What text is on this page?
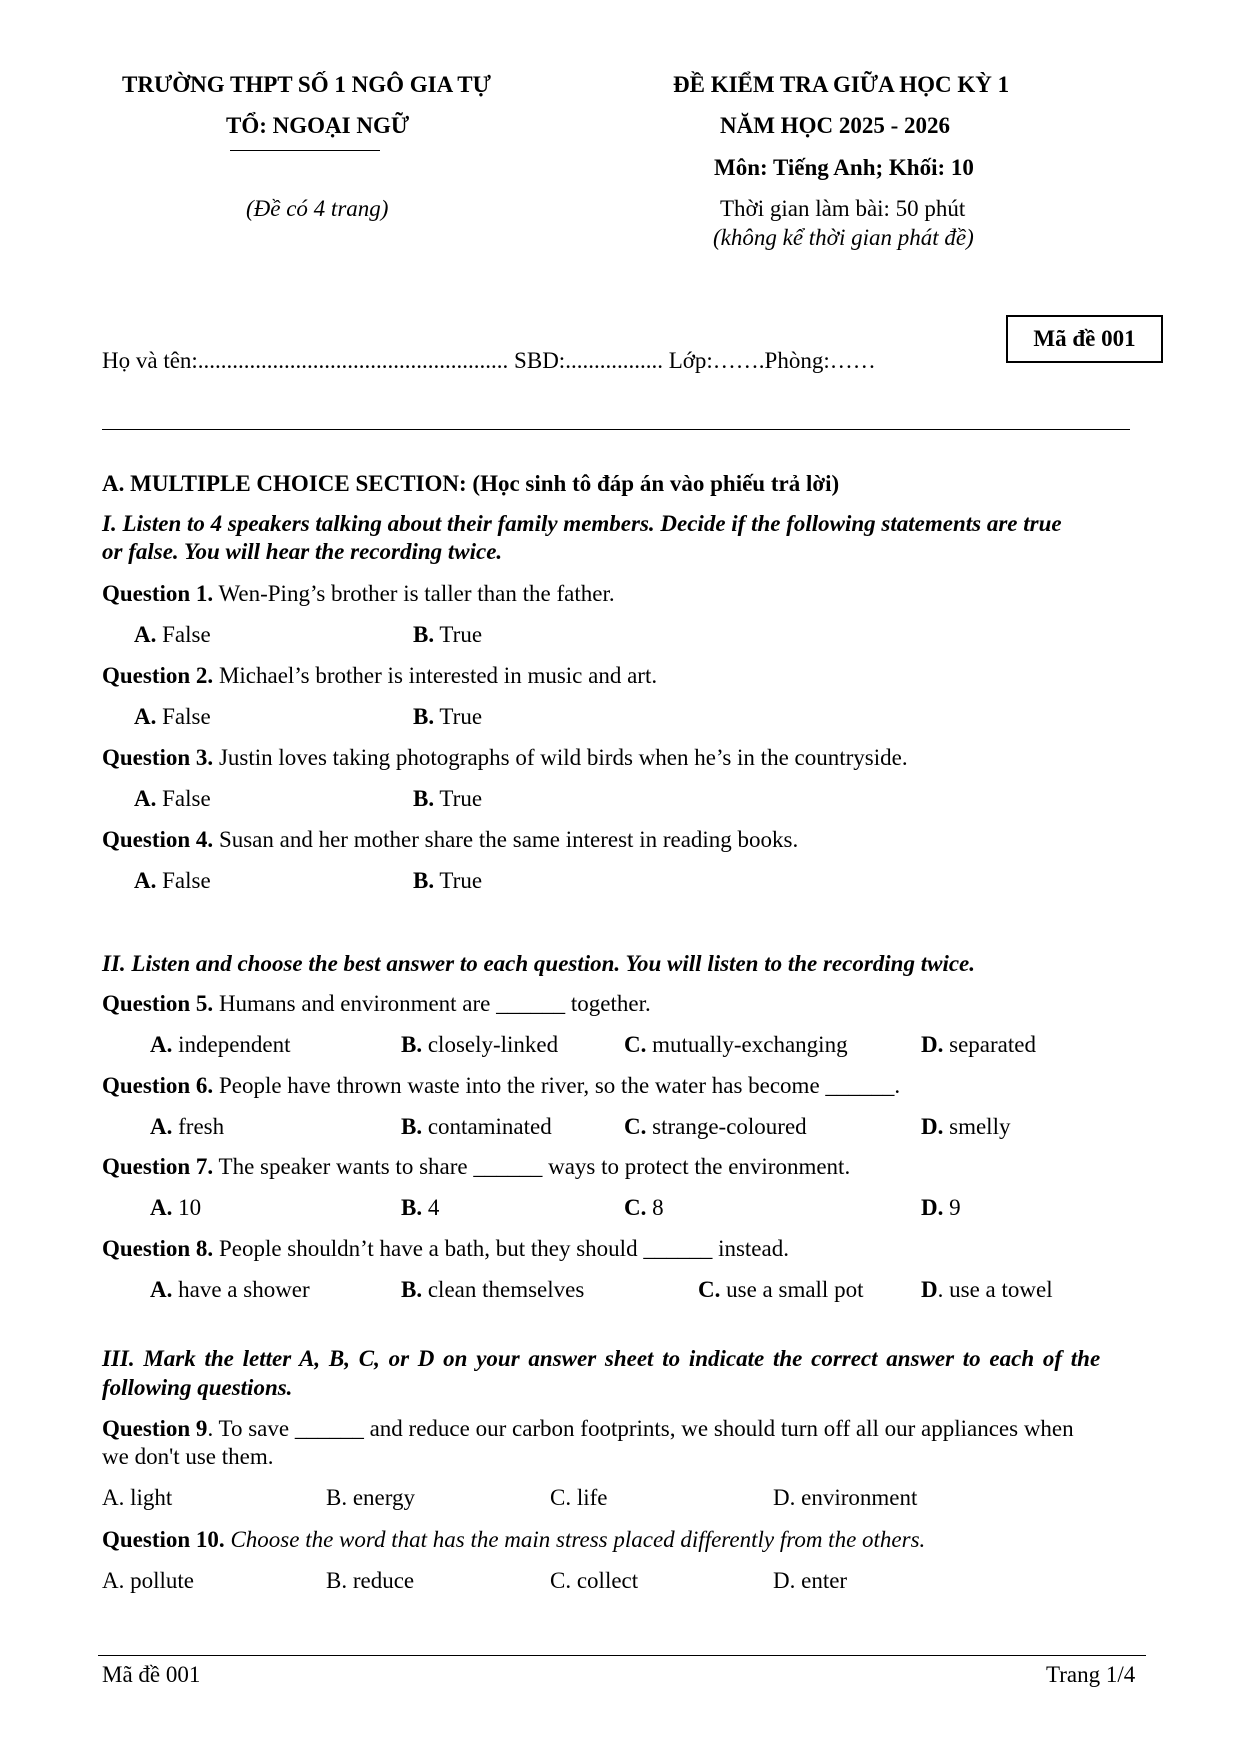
TRƯỜNG THPT SỐ 1 NGÔ GIA TỰ
TỔ: NGOẠI NGỮ
(Đề có 4 trang)
ĐỀ KIỂM TRA GIỮA HỌC KỲ 1
NĂM HỌC 2025 - 2026
Môn: Tiếng Anh; Khối: 10
Thời gian làm bài: 50 phút
(không kể thời gian phát đề)
Mã đề 001
Họ và tên:...................................................... SBD:................. Lớp:…….Phòng:……
A. MULTIPLE CHOICE SECTION: (Học sinh tô đáp án vào phiếu trả lời)
I. Listen to 4 speakers talking about their family members. Decide if the following statements are true
or false. You will hear the recording twice.
Question 1. Wen-Ping’s brother is taller than the father.
A. False	B. True
Question 2. Michael’s brother is interested in music and art.
A. False	B. True
Question 3. Justin loves taking photographs of wild birds when he’s in the countryside.
A. False	B. True
Question 4. Susan and her mother share the same interest in reading books.
A. False	B. True
II. Listen and choose the best answer to each question. You will listen to the recording twice.
Question 5. Humans and environment are ______ together.
A. independent	B. closely-linked	C. mutually-exchanging	D. separated
Question 6. People have thrown waste into the river, so the water has become ______.
A. fresh	B. contaminated	C. strange-coloured	D. smelly
Question 7. The speaker wants to share ______ ways to protect the environment.
A. 10	B. 4	C. 8	D. 9
Question 8. People shouldn’t have a bath, but they should ______ instead.
A. have a shower	B. clean themselves	C. use a small pot	D. use a towel
III. Mark the letter A, B, C, or D on your answer sheet to indicate the correct answer to each of the
following questions.
Question 9. To save ______ and reduce our carbon footprints, we should turn off all our appliances when
we don't use them.
A. light	B. energy	C. life	D. environment
Question 10. Choose the word that has the main stress placed differently from the others.
A. pollute	B. reduce	C. collect	D. enter
Mã đề 001	Trang 1/4
